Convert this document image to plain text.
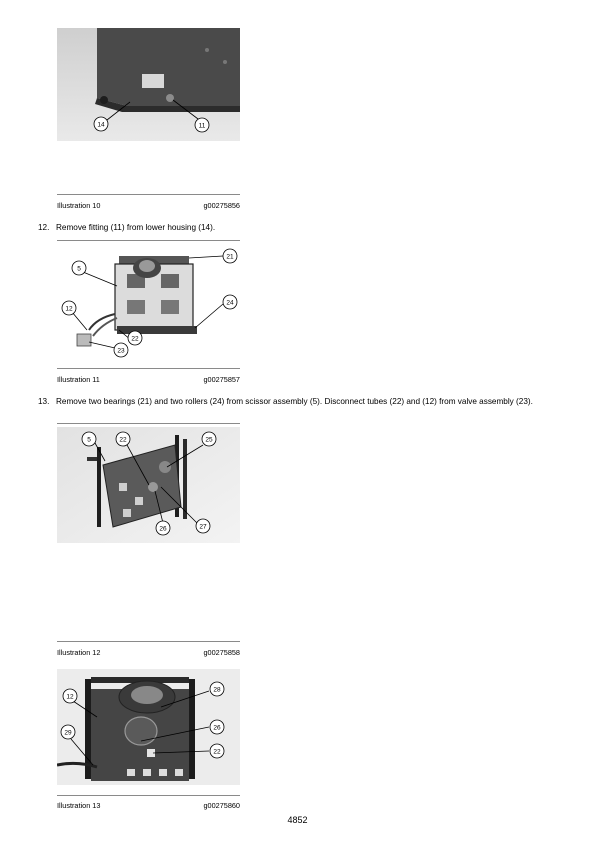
14	11
Illustration 10	g00275856
12. Remove fitting (11) from lower housing (14).
21
5
24
12
22
23
Illustration 11	g00275857
13. Remove two bearings (21) and two rollers (24) from scissor assembly (5). Disconnect tubes (22) and (12) from valve assembly (23).
5	22	25
26	27
Illustration 12	g00275858
12
28
29
26
22
Illustration 13	g00275860
4852
